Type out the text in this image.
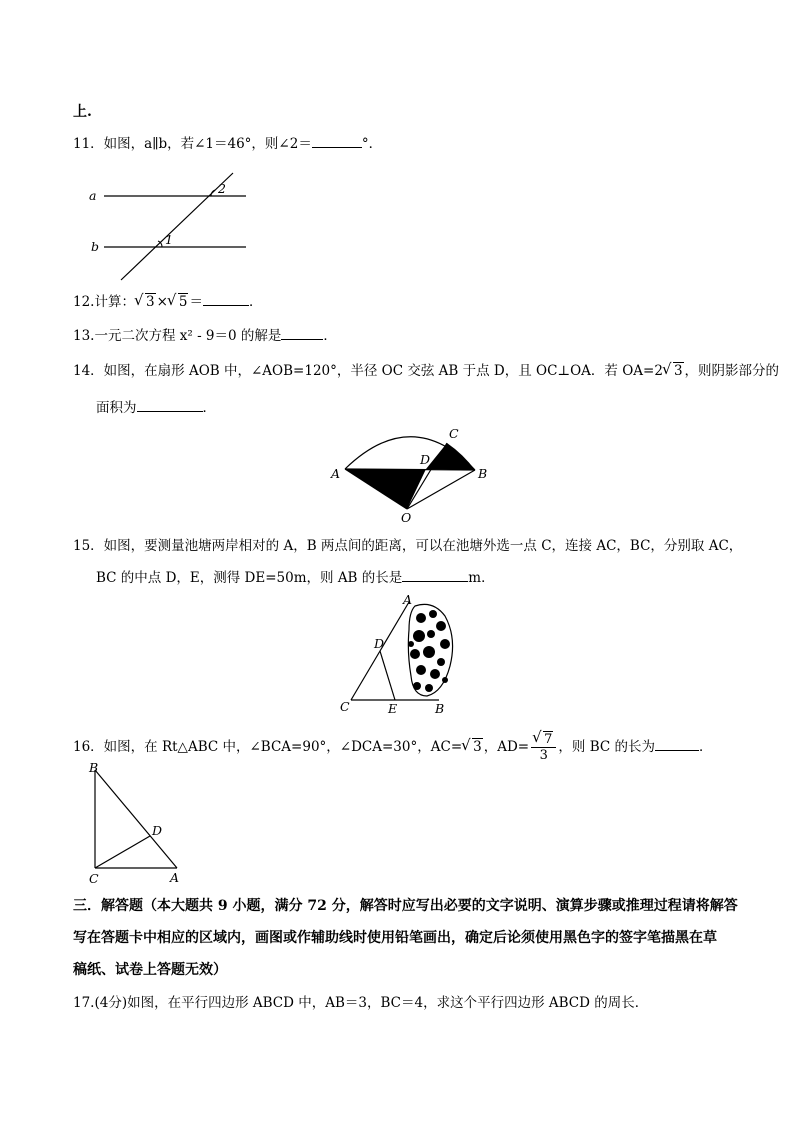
上.
11．如图，a∥b，若∠1＝46°，则∠2＝	°．
a
b
2
1
12.计算： √ 3 × √ 5 ＝	．
13.一元二次方程 x² - 9＝0 的解是	．
14．如图，在扇形 AOB 中，∠AOB=120°，半径 OC 交弦 AB 于点 D，且 OC⊥OA．若 OA=2 √ 3 ，则阴影部分的
面积为	．
A	B
C
D
O
15．如图，要测量池塘两岸相对的 A，B 两点间的距离，可以在池塘外选一点 C，连接 AC，BC，分别取 AC，
BC 的中点 D，E，测得 DE=50m，则 AB 的长是	m．
A
B
C
D
E
16．如图，在 Rt△ABC 中，∠BCA=90°，∠DCA=30°，AC= √ 3 ，AD= √ $\frac{7}{3}$ ，则 BC 的长为	．
B
C	A
D
三．解答题（本大题共 9 小题，满分 72 分，解答时应写出必要的文字说明、演算步骤或推理过程请将解答
写在答题卡中相应的区域内，画图或作辅助线时使用铅笔画出，确定后论须使用黑色字的签字笔描黑在草
稿纸、试卷上答题无效）
17.(4分)如图，在平行四边形 ABCD 中，AB＝3，BC＝4，求这个平行四边形 ABCD 的周长．
